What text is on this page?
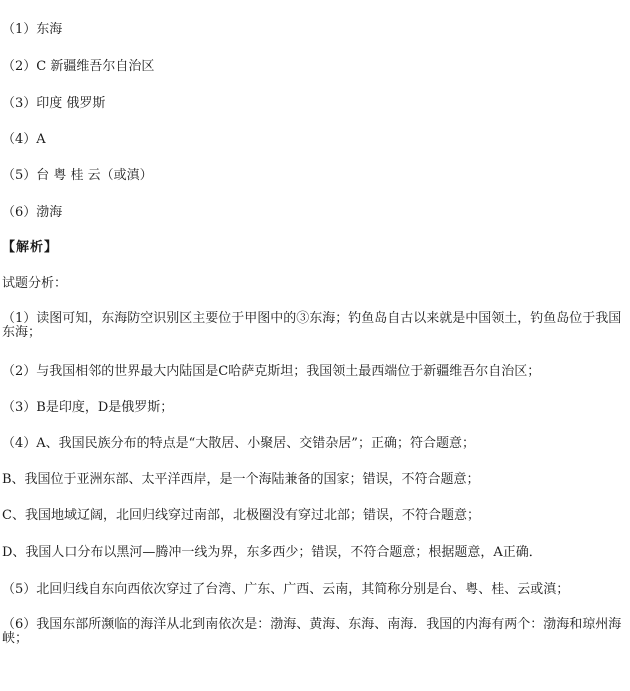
（1）东海
（2）C 新疆维吾尔自治区
（3）印度 俄罗斯
（4）A
（5）台 粤 桂 云（或滇）
（6）渤海
【解析】
试题分析：
（1）读图可知，东海防空识别区主要位于甲图中的③东海；钓鱼岛自古以来就是中国领土，钓鱼岛位于我国东海；
（2）与我国相邻的世界最大内陆国是C哈萨克斯坦；我国领土最西端位于新疆维吾尔自治区；
（3）B是印度，D是俄罗斯；
（4）A、我国民族分布的特点是“大散居、小聚居、交错杂居”；正确；符合题意；
B、我国位于亚洲东部、太平洋西岸，是一个海陆兼备的国家；错误，不符合题意；
C、我国地域辽阔，北回归线穿过南部，北极圈没有穿过北部；错误，不符合题意；
D、我国人口分布以黑河—腾冲一线为界，东多西少；错误，不符合题意；根据题意，A正确．
（5）北回归线自东向西依次穿过了台湾、广东、广西、云南，其简称分别是台、粤、桂、云或滇；
（6）我国东部所濒临的海洋从北到南依次是：渤海、黄海、东海、南海．我国的内海有两个：渤海和琼州海峡；
